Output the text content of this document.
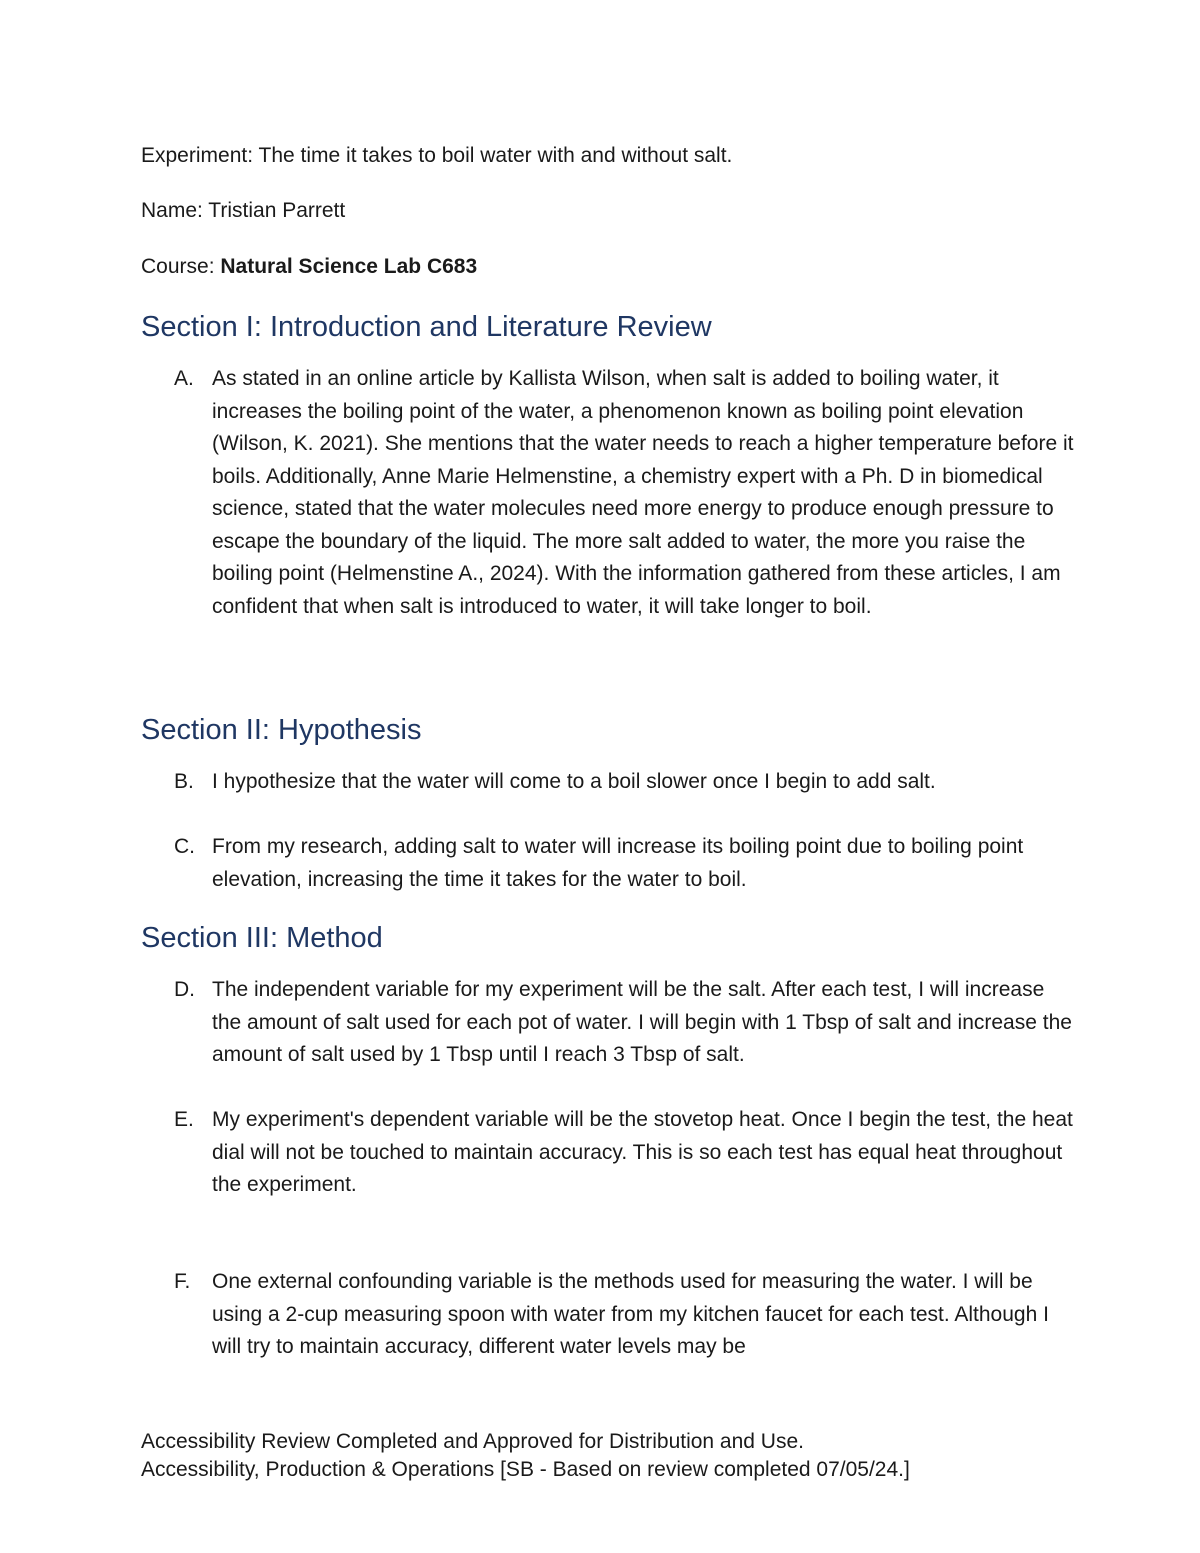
Experiment: The time it takes to boil water with and without salt.
Name: Tristian Parrett
Course: Natural Science Lab C683
Section I: Introduction and Literature Review
A. As stated in an online article by Kallista Wilson, when salt is added to boiling water, it increases the boiling point of the water, a phenomenon known as boiling point elevation (Wilson, K. 2021). She mentions that the water needs to reach a higher temperature before it boils. Additionally, Anne Marie Helmenstine, a chemistry expert with a Ph. D in biomedical science, stated that the water molecules need more energy to produce enough pressure to escape the boundary of the liquid. The more salt added to water, the more you raise the boiling point (Helmenstine A., 2024). With the information gathered from these articles, I am confident that when salt is introduced to water, it will take longer to boil.
Section II: Hypothesis
B. I hypothesize that the water will come to a boil slower once I begin to add salt.
C. From my research, adding salt to water will increase its boiling point due to boiling point elevation, increasing the time it takes for the water to boil.
Section III: Method
D. The independent variable for my experiment will be the salt. After each test, I will increase the amount of salt used for each pot of water. I will begin with 1 Tbsp of salt and increase the amount of salt used by 1 Tbsp until I reach 3 Tbsp of salt.
E. My experiment's dependent variable will be the stovetop heat. Once I begin the test, the heat dial will not be touched to maintain accuracy. This is so each test has equal heat throughout the experiment.
F.	One external confounding variable is the methods used for measuring the water. I will be using a 2-cup measuring spoon with water from my kitchen faucet for each test. Although I will try to maintain accuracy, different water levels may be
Accessibility Review Completed and Approved for Distribution and Use.
Accessibility, Production & Operations [SB - Based on review completed 07/05/24.]
